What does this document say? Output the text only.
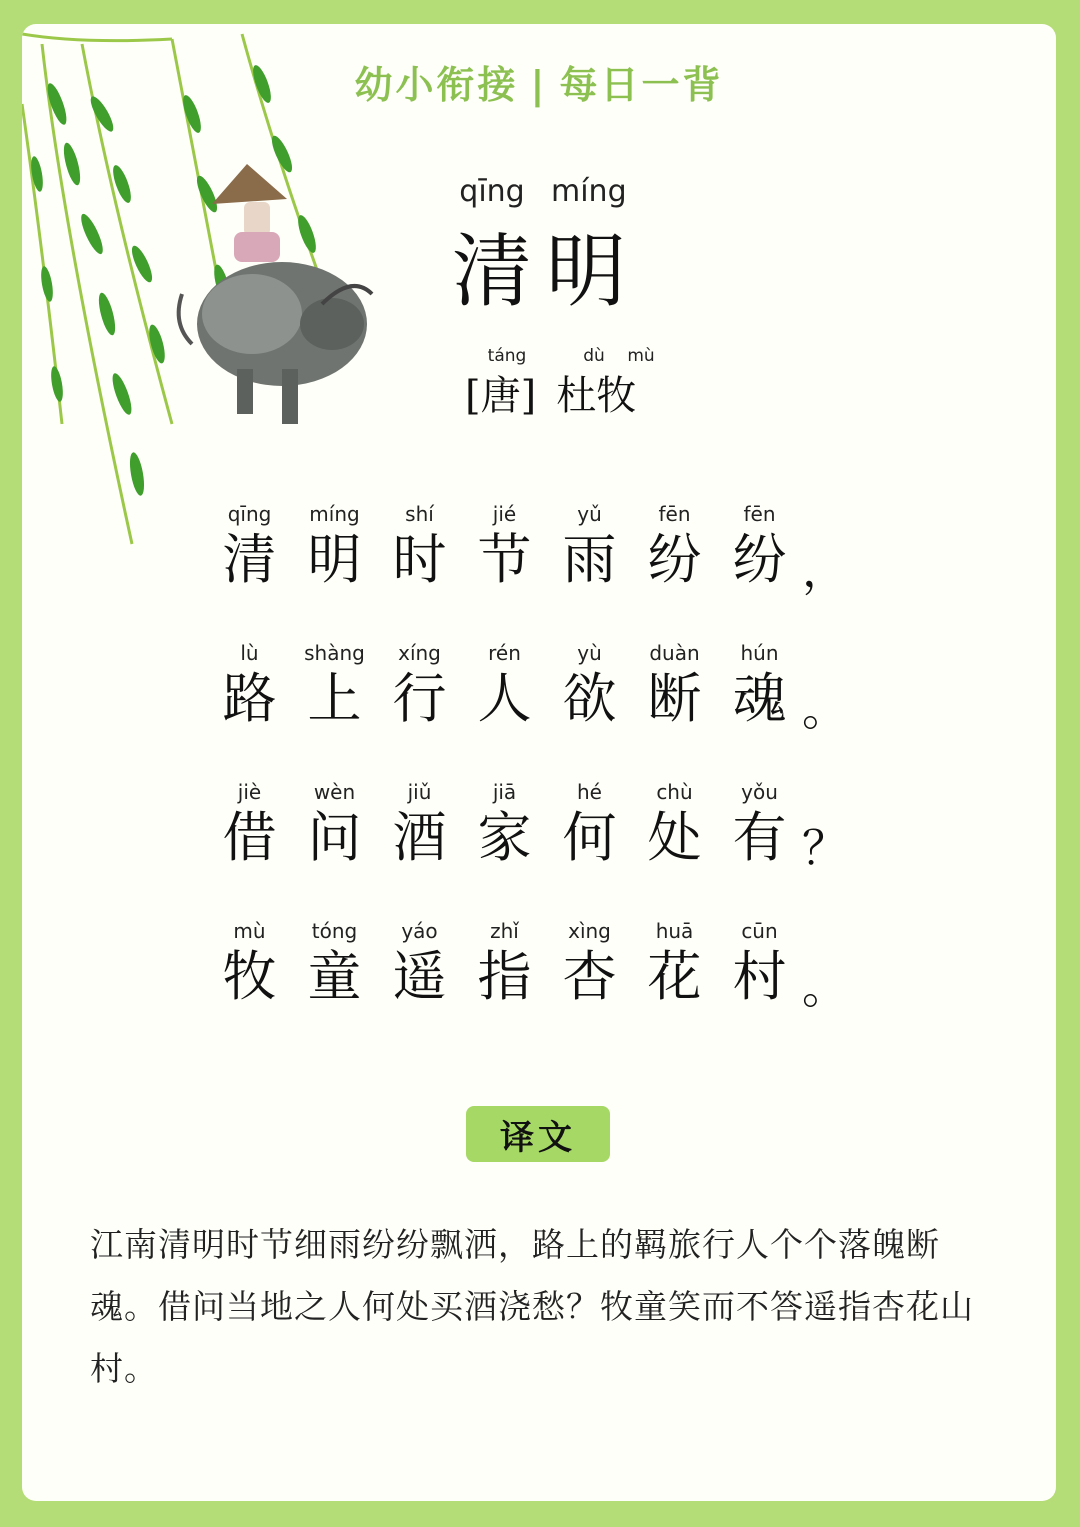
幼小衔接 | 每日一背
qīng míng
清 明
táng	dù	mù
[唐] 杜牧
qīng
清
míng
明
shí
时
jié
节
yǔ
雨
fēn
纷
fēn
纷 ，
lù
路
shàng
上
xíng
行
rén
人
yù
欲
duàn
断
hún
魂 。
jiè
借
wèn
问
jiǔ
酒
jiā
家
hé
何
chù
处
yǒu
有 ？
mù
牧
tóng
童
yáo
遥
zhǐ
指
xìng
杏
huā
花
cūn
村 。
译文
江南清明时节细雨纷纷飘洒，路上的羁旅行人个个落魄断魂。借问当地之人何处买酒浇愁？牧童笑而不答遥指杏花山村。
